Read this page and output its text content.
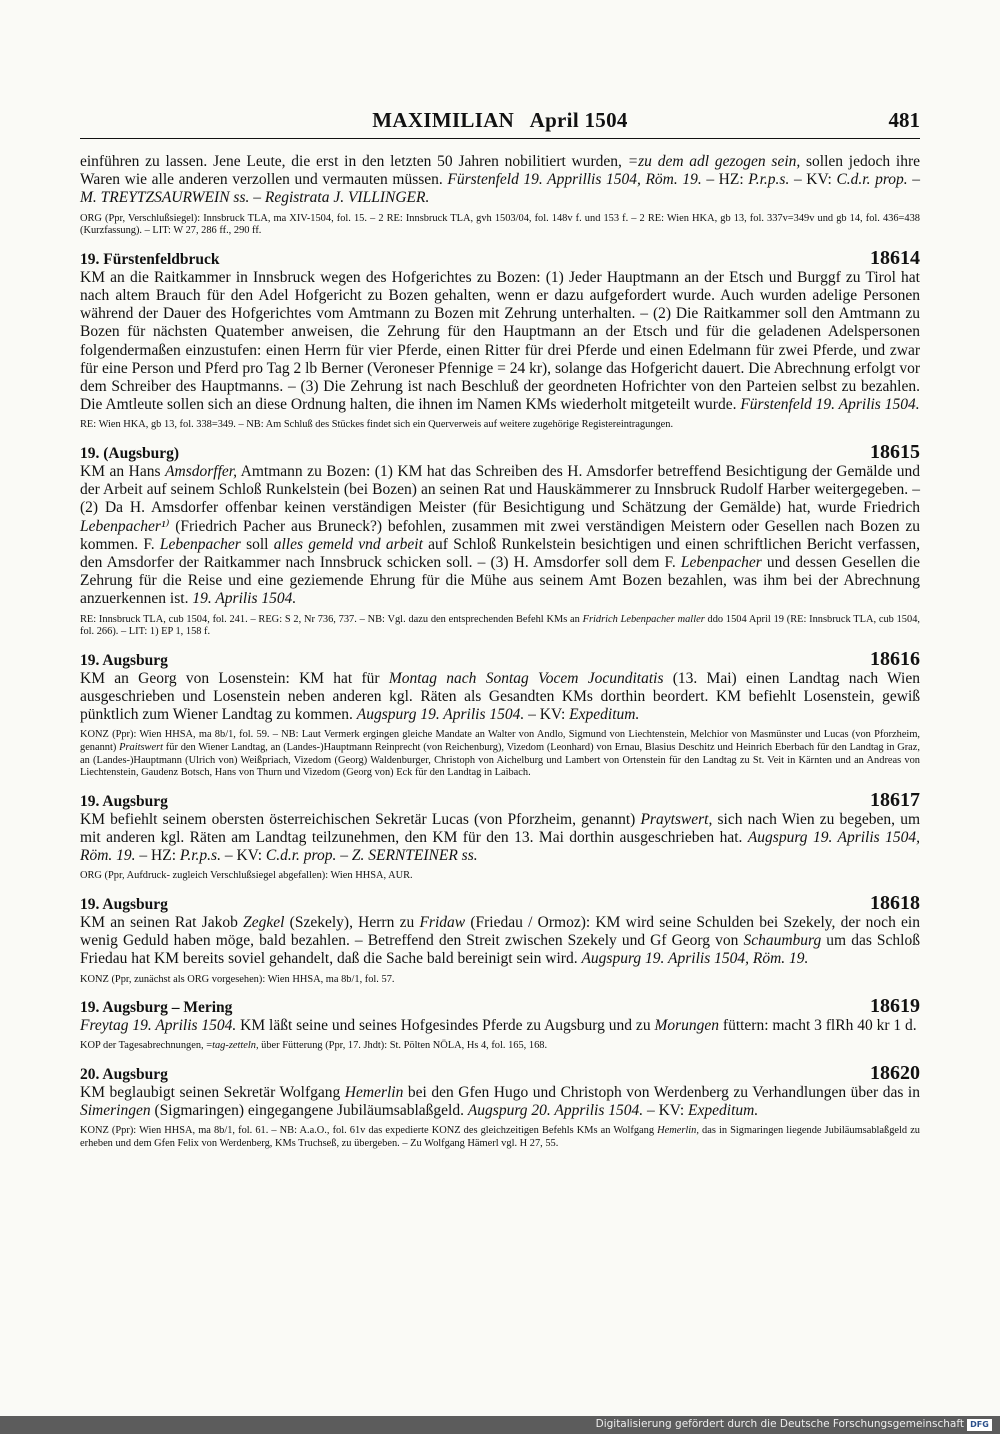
MAXIMILIAN   April 1504	481

einführen zu lassen. Jene Leute, die erst in den letzten 50 Jahren nobilitiert wurden, =zu dem adl gezogen sein, sollen jedoch ihre Waren wie alle anderen verzollen und vermauten müssen. Fürstenfeld 19. Apprillis 1504, Röm. 19. – HZ: P.r.p.s. – KV: C.d.r. prop. – M. TREYTZSAURWEIN ss. – Registrata J. VILLINGER.

ORG (Ppr, Verschlußsiegel): Innsbruck TLA, ma XIV-1504, fol. 15. – 2 RE: Innsbruck TLA, gvh 1503/04, fol. 148v f. und 153 f. – 2 RE: Wien HKA, gb 13, fol. 337v=349v und gb 14, fol. 436=438 (Kurzfassung). – LIT: W 27, 286 ff., 290 ff.

19. Fürstenfeldbruck	18614

KM an die Raitkammer in Innsbruck wegen des Hofgerichtes zu Bozen: (1) Jeder Hauptmann an der Etsch und Burggf zu Tirol hat nach altem Brauch für den Adel Hofgericht zu Bozen gehalten, wenn er dazu aufgefordert wurde. Auch wurden adelige Personen während der Dauer des Hofgerichtes vom Amtmann zu Bozen mit Zehrung unterhalten. – (2) Die Raitkammer soll den Amtmann zu Bozen für nächsten Quatember anweisen, die Zehrung für den Hauptmann an der Etsch und für die geladenen Adelspersonen folgendermaßen einzustufen: einen Herrn für vier Pferde, einen Ritter für drei Pferde und einen Edelmann für zwei Pferde, und zwar für eine Person und Pferd pro Tag 2 lb Berner (Veroneser Pfennige = 24 kr), solange das Hofgericht dauert. Die Abrechnung erfolgt vor dem Schreiber des Hauptmanns. – (3) Die Zehrung ist nach Beschluß der geordneten Hofrichter von den Parteien selbst zu bezahlen. Die Amtleute sollen sich an diese Ordnung halten, die ihnen im Namen KMs wiederholt mitgeteilt wurde. Fürstenfeld 19. Aprilis 1504.

RE: Wien HKA, gb 13, fol. 338=349. – NB: Am Schluß des Stückes findet sich ein Querverweis auf weitere zugehörige Registereintragungen.

19. (Augsburg)	18615

KM an Hans Amsdorffer, Amtmann zu Bozen: (1) KM hat das Schreiben des H. Amsdorfer betreffend Besichtigung der Gemälde und der Arbeit auf seinem Schloß Runkelstein (bei Bozen) an seinen Rat und Hauskämmerer zu Innsbruck Rudolf Harber weitergegeben. – (2) Da H. Amsdorfer offenbar keinen verständigen Meister (für Besichtigung und Schätzung der Gemälde) hat, wurde Friedrich Lebenpacher¹⁾ (Friedrich Pacher aus Bruneck?) befohlen, zusammen mit zwei verständigen Meistern oder Gesellen nach Bozen zu kommen. F. Lebenpacher soll alles gemeld vnd arbeit auf Schloß Runkelstein besichtigen und einen schriftlichen Bericht verfassen, den Amsdorfer der Raitkammer nach Innsbruck schicken soll. – (3) H. Amsdorfer soll dem F. Lebenpacher und dessen Gesellen die Zehrung für die Reise und eine geziemende Ehrung für die Mühe aus seinem Amt Bozen bezahlen, was ihm bei der Abrechnung anzuerkennen ist. 19. Aprilis 1504.

RE: Innsbruck TLA, cub 1504, fol. 241. – REG: S 2, Nr 736, 737. – NB: Vgl. dazu den entsprechenden Befehl KMs an Fridrich Lebenpacher maller ddo 1504 April 19 (RE: Innsbruck TLA, cub 1504, fol. 266). – LIT: 1) EP 1, 158 f.

19. Augsburg	18616

KM an Georg von Losenstein: KM hat für Montag nach Sontag Vocem Jocunditatis (13. Mai) einen Landtag nach Wien ausgeschrieben und Losenstein neben anderen kgl. Räten als Gesandten KMs dorthin beordert. KM befiehlt Losenstein, gewiß pünktlich zum Wiener Landtag zu kommen. Augspurg 19. Aprilis 1504. – KV: Expeditum.

KONZ (Ppr): Wien HHSA, ma 8b/1, fol. 59. – NB: Laut Vermerk ergingen gleiche Mandate an Walter von Andlo, Sigmund von Liechtenstein, Melchior von Masmünster und Lucas (von Pforzheim, genannt) Praitswert für den Wiener Landtag, an (Landes-)Hauptmann Reinprecht (von Reichenburg), Vizedom (Leonhard) von Ernau, Blasius Deschitz und Heinrich Eberbach für den Landtag in Graz, an (Landes-)Hauptmann (Ulrich von) Weißpriach, Vizedom (Georg) Waldenburger, Christoph von Aichelburg und Lambert von Ortenstein für den Landtag zu St. Veit in Kärnten und an Andreas von Liechtenstein, Gaudenz Botsch, Hans von Thurn und Vizedom (Georg von) Eck für den Landtag in Laibach.

19. Augsburg	18617

KM befiehlt seinem obersten österreichischen Sekretär Lucas (von Pforzheim, genannt) Praytswert, sich nach Wien zu begeben, um mit anderen kgl. Räten am Landtag teilzunehmen, den KM für den 13. Mai dorthin ausgeschrieben hat. Augspurg 19. Aprilis 1504, Röm. 19. – HZ: P.r.p.s. – KV: C.d.r. prop. – Z. SERNTEINER ss.

ORG (Ppr, Aufdruck- zugleich Verschlußsiegel abgefallen): Wien HHSA, AUR.

19. Augsburg	18618

KM an seinen Rat Jakob Zegkel (Szekely), Herrn zu Fridaw (Friedau / Ormoz): KM wird seine Schulden bei Szekely, der noch ein wenig Geduld haben möge, bald bezahlen. – Betreffend den Streit zwischen Szekely und Gf Georg von Schaumburg um das Schloß Friedau hat KM bereits soviel gehandelt, daß die Sache bald bereinigt sein wird. Augspurg 19. Aprilis 1504, Röm. 19.

KONZ (Ppr, zunächst als ORG vorgesehen): Wien HHSA, ma 8b/1, fol. 57.

19. Augsburg – Mering	18619

Freytag 19. Aprilis 1504. KM läßt seine und seines Hofgesindes Pferde zu Augsburg und zu Morungen füttern: macht 3 flRh 40 kr 1 d.

KOP der Tagesabrechnungen, =tag-zetteln, über Fütterung (Ppr, 17. Jhdt): St. Pölten NÖLA, Hs 4, fol. 165, 168.

20. Augsburg	18620

KM beglaubigt seinen Sekretär Wolfgang Hemerlin bei den Gfen Hugo und Christoph von Werdenberg zu Verhandlungen über das in Simeringen (Sigmaringen) eingegangene Jubiläumsablaßgeld. Augspurg 20. Apprilis 1504. – KV: Expeditum.

KONZ (Ppr): Wien HHSA, ma 8b/1, fol. 61. – NB: A.a.O., fol. 61v das expedierte KONZ des gleichzeitigen Befehls KMs an Wolfgang Hemerlin, das in Sigmaringen liegende Jubiläumsablaßgeld zu erheben und dem Gfen Felix von Werdenberg, KMs Truchseß, zu übergeben. – Zu Wolfgang Hämerl vgl. H 27, 55.

Digitalisierung gefördert durch die Deutsche Forschungsgemeinschaft DFG
